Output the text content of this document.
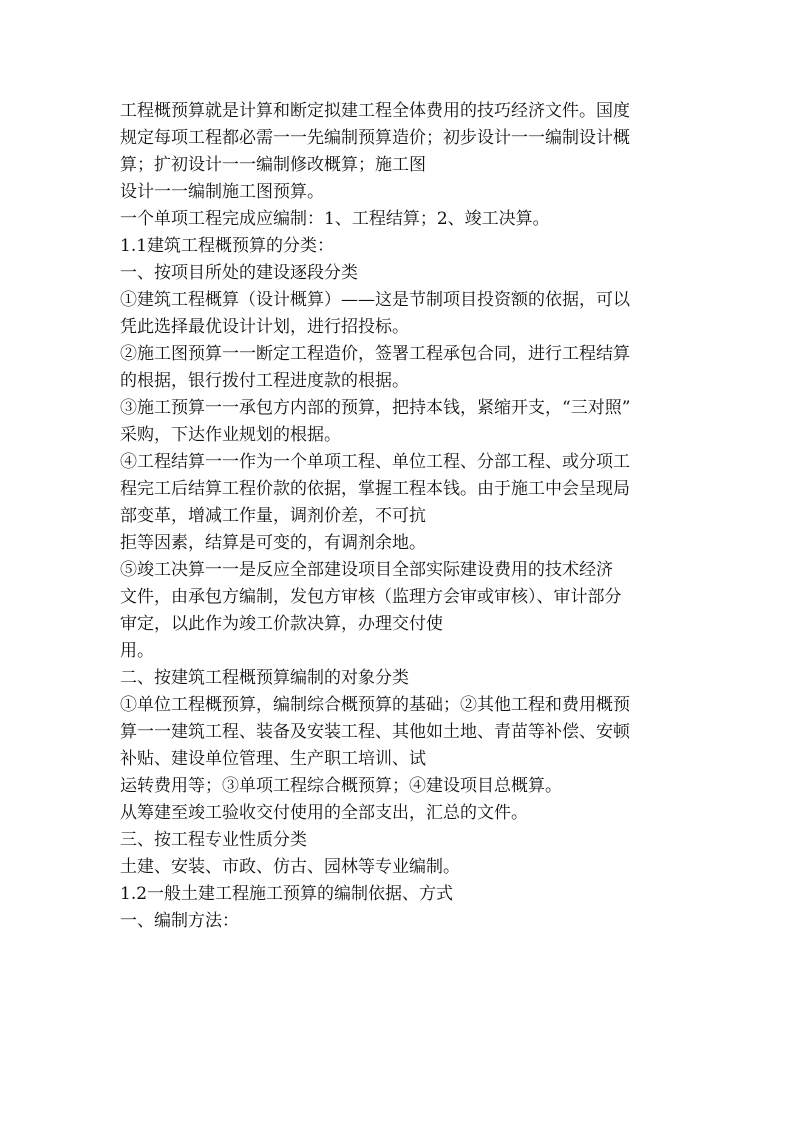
工程概预算就是计算和断定拟建工程全体费用的技巧经济文件。国度
规定每项工程都必需一一先编制预算造价；初步设计一一编制设计概
算；扩初设计一一编制修改概算；施工图
设计一一编制施工图预算。
一个单项工程完成应编制：1、工程结算；2、竣工决算。
1.1建筑工程概预算的分类：
一、按项目所处的建设逐段分类
①建筑工程概算（设计概算）——这是节制项目投资额的依据，可以
凭此选择最优设计计划，进行招投标。
②施工图预算一一断定工程造价，签署工程承包合同，进行工程结算
的根据，银行拨付工程进度款的根据。
③施工预算一一承包方内部的预算，把持本钱，紧缩开支，“三对照”
采购，下达作业规划的根据。
④工程结算一一作为一个单项工程、单位工程、分部工程、或分项工
程完工后结算工程价款的依据，掌握工程本钱。由于施工中会呈现局
部变革，增减工作量，调剂价差，不可抗
拒等因素，结算是可变的，有调剂余地。
⑤竣工决算一一是反应全部建设项目全部实际建设费用的技术经济
文件，由承包方编制，发包方审核（监理方会审或审核）、审计部分
审定，以此作为竣工价款决算，办理交付使
用。
二、按建筑工程概预算编制的对象分类
①单位工程概预算，编制综合概预算的基础；②其他工程和费用概预
算一一建筑工程、装备及安装工程、其他如土地、青苗等补偿、安顿
补贴、建设单位管理、生产职工培训、试
运转费用等；③单项工程综合概预算；④建设项目总概算。
从筹建至竣工验收交付使用的全部支出，汇总的文件。
三、按工程专业性质分类
土建、安装、市政、仿古、园林等专业编制。
1.2一般土建工程施工预算的编制依据、方式
一、编制方法：
